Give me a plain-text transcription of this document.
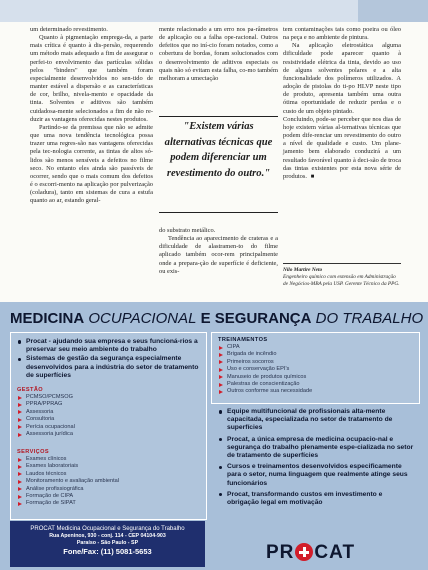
um determinado revestimento.

Quanto à pigmentação emprega-da, a parte mais crítica é quanto à dis-persão, requerendo um método mais adequado a fim de assegurar o perfei-to envolvimento das partículas sólidas pelos "binders" que também foram especialmente desenvolvidos no sen-tido de manter estável a dispersão e as características de cor, brilho, nivela-mento e opacidade da tinta. Solventes e aditivos são também cuidadosa-mente selecionados a fim de não re-duzir as vantagens oferecidas nestes produtos.

Partindo-se da premissa que não se admite que uma nova tendência tecnológica possa trazer uma regres-são nas vantagens oferecidas pela tec-nologia corrente, as tintas de altos só-lidos são menos sensíveis a defeitos no filme seco. No entanto eles ainda são passíveis de ocorrer, sendo que o mais comum dos defeitos é o escorri-mento na aplicação por pulverização (coladura), tanto em sistemas de cura a estufa quanto ao ar, estando geral-

mente relacionado a um erro nos pa-râmetros de aplicação ou a falha ope-racional. Outros defeitos que no iní-cio foram notados, como a cobertura de bordas, foram solucionados com o desenvolvimento de aditivos especiais os quais não só evitam esta falha, co-mo também melhoram a umectação

"Existem várias alternativas técnicas que podem diferenciar um revestimento do outro."

do substrato metálico.

Tendência ao aparecimento de crateras e a dificuldade de alastramen-to do filme aplicado também ocor-rem principalmente onde a prepara-ção de superfície é deficiente, ou exis-

tem contaminações tais como poeira ou óleo na peça e no ambiente de pintura.

Na aplicação eletrostática alguma dificuldade pode aparecer quanto à resistividade elétrica da tinta, devido ao uso de alguns solventes polares e a alta funcionalidade dos polímeros utilizados. A adoção de pistolas do ti-po HLVP neste tipo de produto, apresenta também uma outra ótima oportunidade de reduzir perdas e o custo de um objeto pintado.

Concluindo, pode-se perceber que nos dias de hoje existem várias al-ternativas técnicas que podem dife-renciar um revestimento do outro a nível de qualidade e custo. Um plane-jamento bem elaborado conduzirá a um resultado favorável quanto à deci-são de troca das tintas existentes por esta nova série de produtos. ■
Nilo Martire Neto
Engenheiro químico com extensão em Administração de Negócios-MBA pela USP. Gerente Técnico da PPG.
MEDICINA OCUPACIONAL E SEGURANÇA DO TRABALHO
Procat - ajudando sua empresa e seus funcioná-rios a preservar seu meio ambiente do trabalho
Sistemas de gestão da segurança especialmente desenvolvidos para a indústria do setor de tratamento de superfícies
GESTÃO
PCMSO/PCMSOG
PPRA/PPRAG
Assessoria
Consultoria
Perícia ocupacional
Assessoria jurídica
SERVIÇOS
Exames clínicos
Exames laboratoriais
Laudos técnicos
Monitoramento e avaliação ambiental
Análise profissiográfica
Formação de CIPA
Formação de SIPAT
TREINAMENTOS
CIPA
Brigada de incêndio
Primeiros socorros
Uso e conservação EPI's
Manuseio de produtos químicos
Palestras de conscientização
Outros conforme sua necessidade
Equipe multifuncional de profissionais alta-mente capacitada, especializada no setor de tratamento de superfícies
Procat, a única empresa de medicina ocupacio-nal e segurança do trabalho plenamente espe-cializada no setor de tratamento de superfícies
Cursos e treinamentos desenvolvidos especificamente para o setor, numa linguagem que realmente atinge seus funcionários
Procat, transformando custos em investimento e obrigação legal em motivação
PROCAT Medicina Ocupacional e Segurança do Trabalho
Rua Apeninos, 930 - conj. 114 - CEP 04104-903
Paraíso - São Paulo - SP
Fone/Fax: (11) 5081-5653	PR CAT
